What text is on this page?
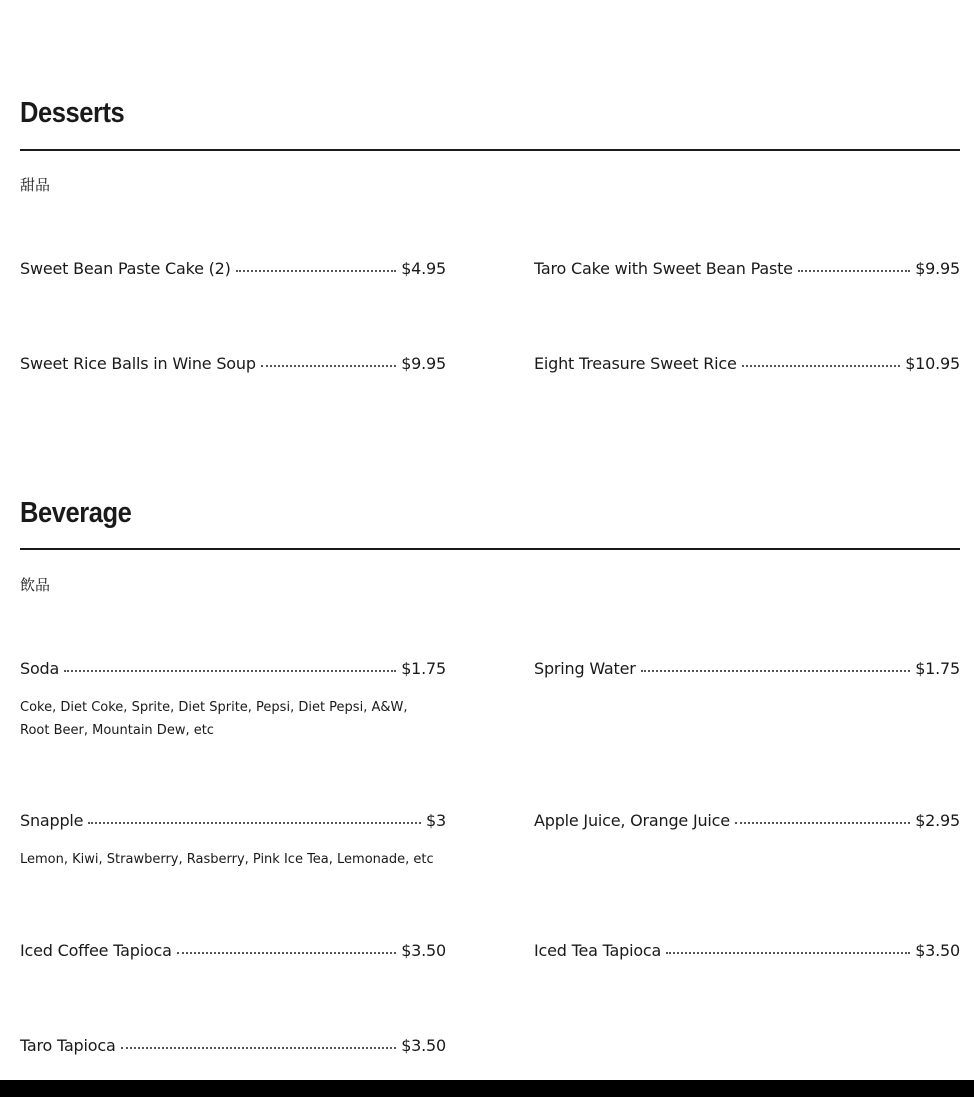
Desserts
甜品
Sweet Bean Paste Cake (2)	$4.95	Taro Cake with Sweet Bean Paste	$9.95
Sweet Rice Balls in Wine Soup	$9.95	Eight Treasure Sweet Rice	$10.95
Beverage
飲品
Soda	$1.75
Coke, Diet Coke, Sprite, Diet Sprite, Pepsi, Diet Pepsi, A&W, Root Beer, Mountain Dew, etc
Spring Water	$1.75
Snapple	$3
Lemon, Kiwi, Strawberry, Rasberry, Pink Ice Tea, Lemonade, etc
Apple Juice, Orange Juice	$2.95
Iced Coffee Tapioca	$3.50	Iced Tea Tapioca	$3.50
Taro Tapioca	$3.50
